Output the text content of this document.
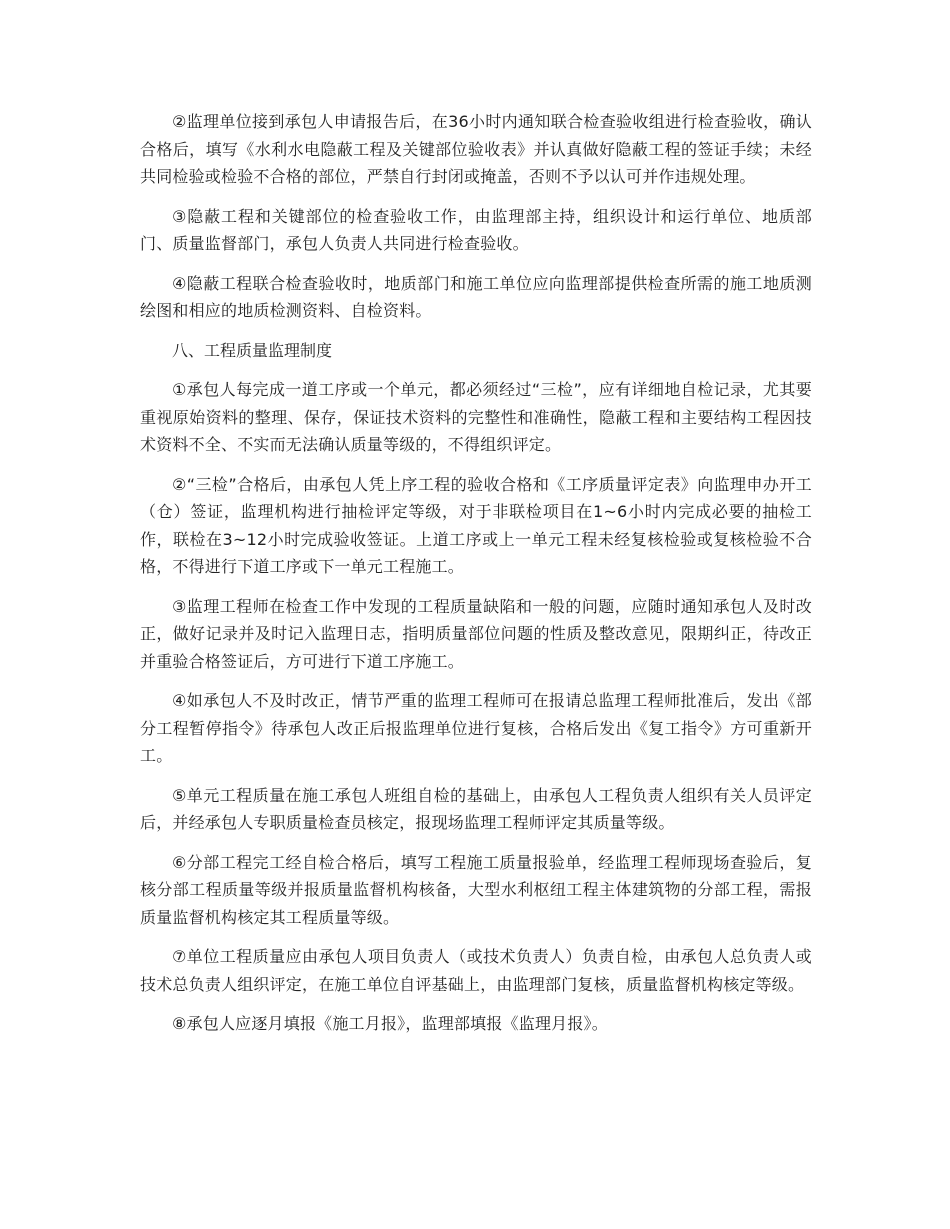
②监理单位接到承包人申请报告后，在36小时内通知联合检查验收组进行检查验收，确认合格后，填写《水利水电隐蔽工程及关键部位验收表》并认真做好隐蔽工程的签证手续；未经共同检验或检验不合格的部位，严禁自行封闭或掩盖，否则不予以认可并作违规处理。

③隐蔽工程和关键部位的检查验收工作，由监理部主持，组织设计和运行单位、地质部门、质量监督部门，承包人负责人共同进行检查验收。

④隐蔽工程联合检查验收时，地质部门和施工单位应向监理部提供检查所需的施工地质测绘图和相应的地质检测资料、自检资料。

八、工程质量监理制度

①承包人每完成一道工序或一个单元，都必须经过“三检”，应有详细地自检记录，尤其要重视原始资料的整理、保存，保证技术资料的完整性和准确性，隐蔽工程和主要结构工程因技术资料不全、不实而无法确认质量等级的，不得组织评定。

②“三检”合格后，由承包人凭上序工程的验收合格和《工序质量评定表》向监理申办开工（仓）签证，监理机构进行抽检评定等级，对于非联检项目在1~6小时内完成必要的抽检工作，联检在3~12小时完成验收签证。上道工序或上一单元工程未经复核检验或复核检验不合格，不得进行下道工序或下一单元工程施工。

③监理工程师在检查工作中发现的工程质量缺陷和一般的问题，应随时通知承包人及时改正，做好记录并及时记入监理日志，指明质量部位问题的性质及整改意见，限期纠正，待改正并重验合格签证后，方可进行下道工序施工。

④如承包人不及时改正，情节严重的监理工程师可在报请总监理工程师批准后，发出《部分工程暂停指令》待承包人改正后报监理单位进行复核，合格后发出《复工指令》方可重新开工。

⑤单元工程质量在施工承包人班组自检的基础上，由承包人工程负责人组织有关人员评定后，并经承包人专职质量检查员核定，报现场监理工程师评定其质量等级。

⑥分部工程完工经自检合格后，填写工程施工质量报验单，经监理工程师现场查验后，复核分部工程质量等级并报质量监督机构核备，大型水利枢纽工程主体建筑物的分部工程，需报质量监督机构核定其工程质量等级。

⑦单位工程质量应由承包人项目负责人（或技术负责人）负责自检，由承包人总负责人或技术总负责人组织评定，在施工单位自评基础上，由监理部门复核，质量监督机构核定等级。

⑧承包人应逐月填报《施工月报》，监理部填报《监理月报》。
